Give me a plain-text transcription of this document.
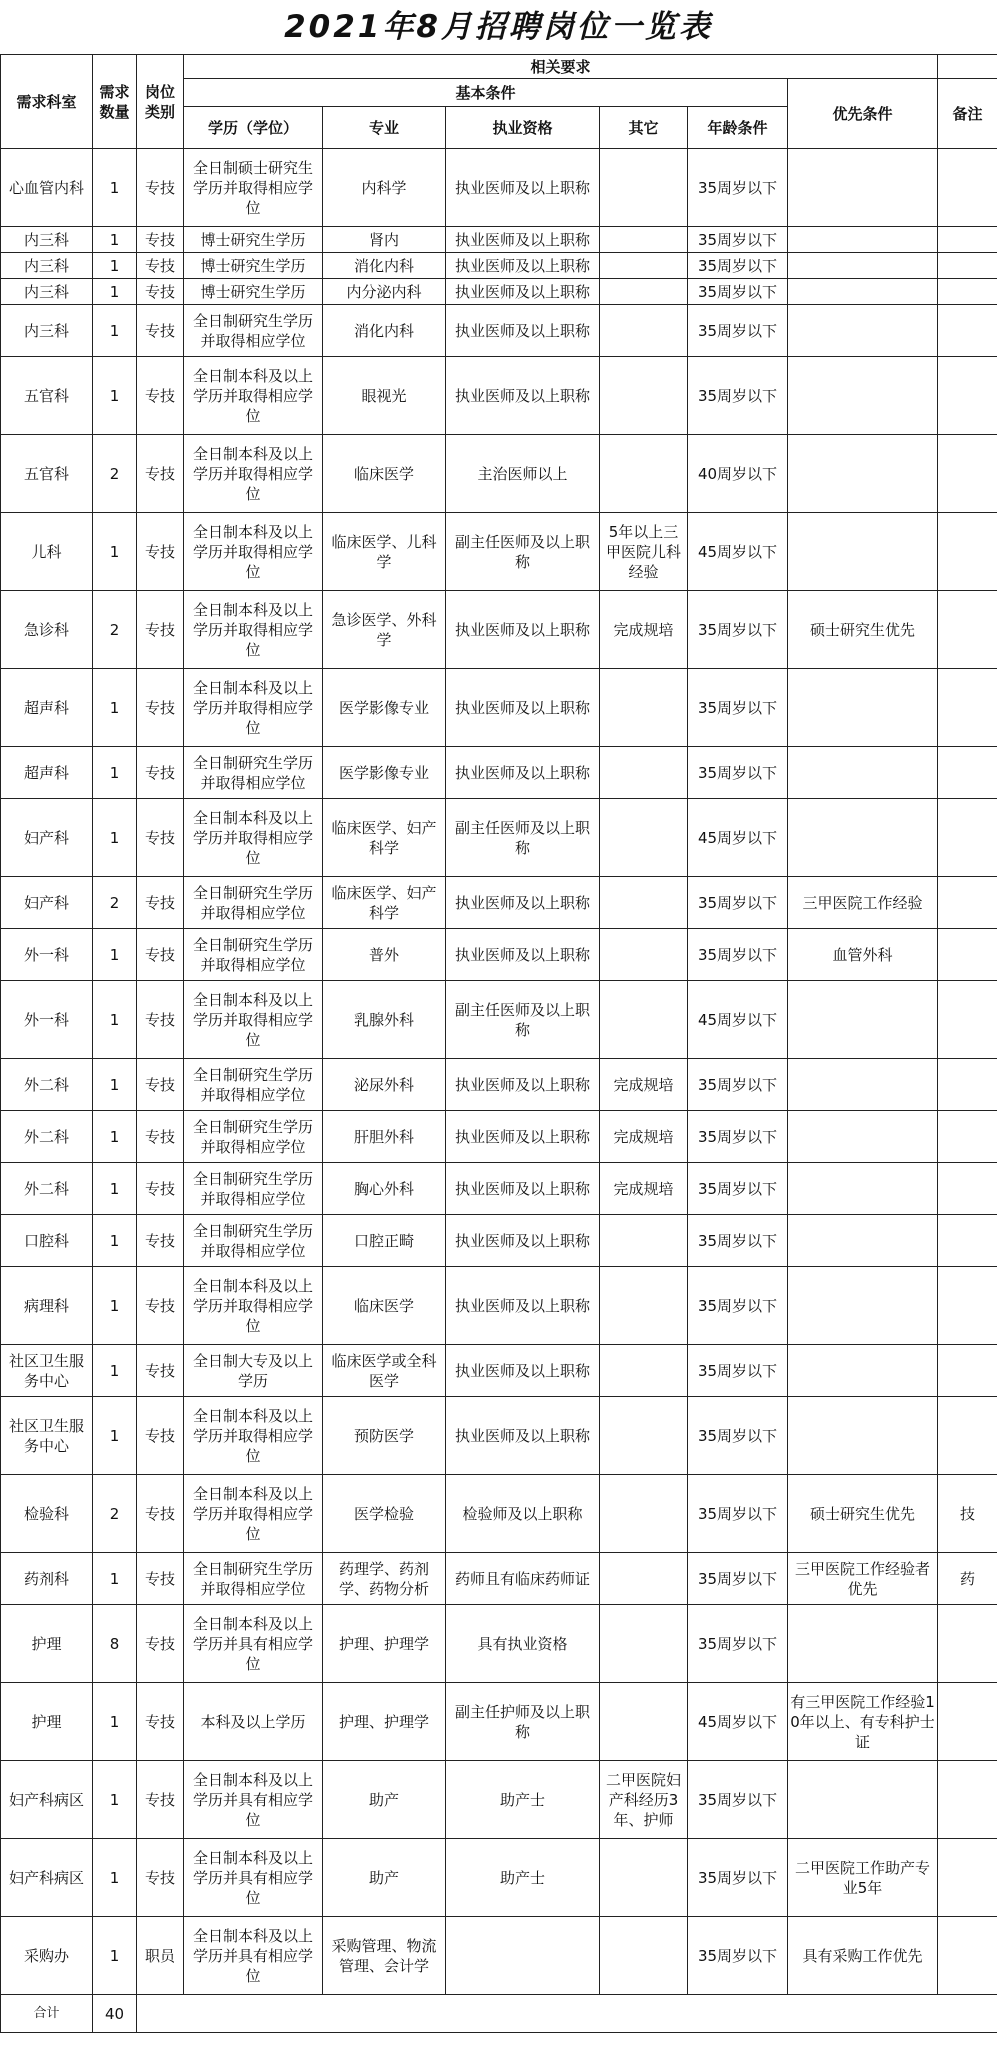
2021年8月招聘岗位一览表
需求科室	需求数量	岗位类别	相关要求						
			基本条件					优先条件	备注
			学历（学位）	专业	执业资格	其它	年龄条件		
心血管内科	1	专技	全日制硕士研究生学历并取得相应学位	内科学	执业医师及以上职称		35周岁以下		
内三科	1	专技	博士研究生学历	肾内	执业医师及以上职称		35周岁以下		
内三科	1	专技	博士研究生学历	消化内科	执业医师及以上职称		35周岁以下		
内三科	1	专技	博士研究生学历	内分泌内科	执业医师及以上职称		35周岁以下		
内三科	1	专技	全日制研究生学历并取得相应学位	消化内科	执业医师及以上职称		35周岁以下		
五官科	1	专技	全日制本科及以上学历并取得相应学位	眼视光	执业医师及以上职称		35周岁以下		
五官科	2	专技	全日制本科及以上学历并取得相应学位	临床医学	主治医师以上		40周岁以下		
儿科	1	专技	全日制本科及以上学历并取得相应学位	临床医学、儿科学	副主任医师及以上职称	5年以上三甲医院儿科经验	45周岁以下		
急诊科	2	专技	全日制本科及以上学历并取得相应学位	急诊医学、外科学	执业医师及以上职称	完成规培	35周岁以下	硕士研究生优先	
超声科	1	专技	全日制本科及以上学历并取得相应学位	医学影像专业	执业医师及以上职称		35周岁以下		
超声科	1	专技	全日制研究生学历并取得相应学位	医学影像专业	执业医师及以上职称		35周岁以下		
妇产科	1	专技	全日制本科及以上学历并取得相应学位	临床医学、妇产科学	副主任医师及以上职称		45周岁以下		
妇产科	2	专技	全日制研究生学历并取得相应学位	临床医学、妇产科学	执业医师及以上职称		35周岁以下	三甲医院工作经验	
外一科	1	专技	全日制研究生学历并取得相应学位	普外	执业医师及以上职称		35周岁以下	血管外科	
外一科	1	专技	全日制本科及以上学历并取得相应学位	乳腺外科	副主任医师及以上职称		45周岁以下		
外二科	1	专技	全日制研究生学历并取得相应学位	泌尿外科	执业医师及以上职称	完成规培	35周岁以下		
外二科	1	专技	全日制研究生学历并取得相应学位	肝胆外科	执业医师及以上职称	完成规培	35周岁以下		
外二科	1	专技	全日制研究生学历并取得相应学位	胸心外科	执业医师及以上职称	完成规培	35周岁以下		
口腔科	1	专技	全日制研究生学历并取得相应学位	口腔正畸	执业医师及以上职称		35周岁以下		
病理科	1	专技	全日制本科及以上学历并取得相应学位	临床医学	执业医师及以上职称		35周岁以下		
社区卫生服务中心	1	专技	全日制大专及以上学历	临床医学或全科医学	执业医师及以上职称		35周岁以下		
社区卫生服务中心	1	专技	全日制本科及以上学历并取得相应学位	预防医学	执业医师及以上职称		35周岁以下		
检验科	2	专技	全日制本科及以上学历并取得相应学位	医学检验	检验师及以上职称		35周岁以下	硕士研究生优先	技
药剂科	1	专技	全日制研究生学历并取得相应学位	药理学、药剂学、药物分析	药师且有临床药师证		35周岁以下	三甲医院工作经验者优先	药
护理	8	专技	全日制本科及以上学历并具有相应学位	护理、护理学	具有执业资格		35周岁以下		
护理	1	专技	本科及以上学历	护理、护理学	副主任护师及以上职称		45周岁以下	有三甲医院工作经验10年以上、有专科护士证	
妇产科病区	1	专技	全日制本科及以上学历并具有相应学位	助产	助产士	二甲医院妇产科经历3年、护师	35周岁以下		
妇产科病区	1	专技	全日制本科及以上学历并具有相应学位	助产	助产士		35周岁以下	二甲医院工作助产专业5年	
采购办	1	职员	全日制本科及以上学历并具有相应学位	采购管理、物流管理、会计学			35周岁以下	具有采购工作优先	
合计	40								
